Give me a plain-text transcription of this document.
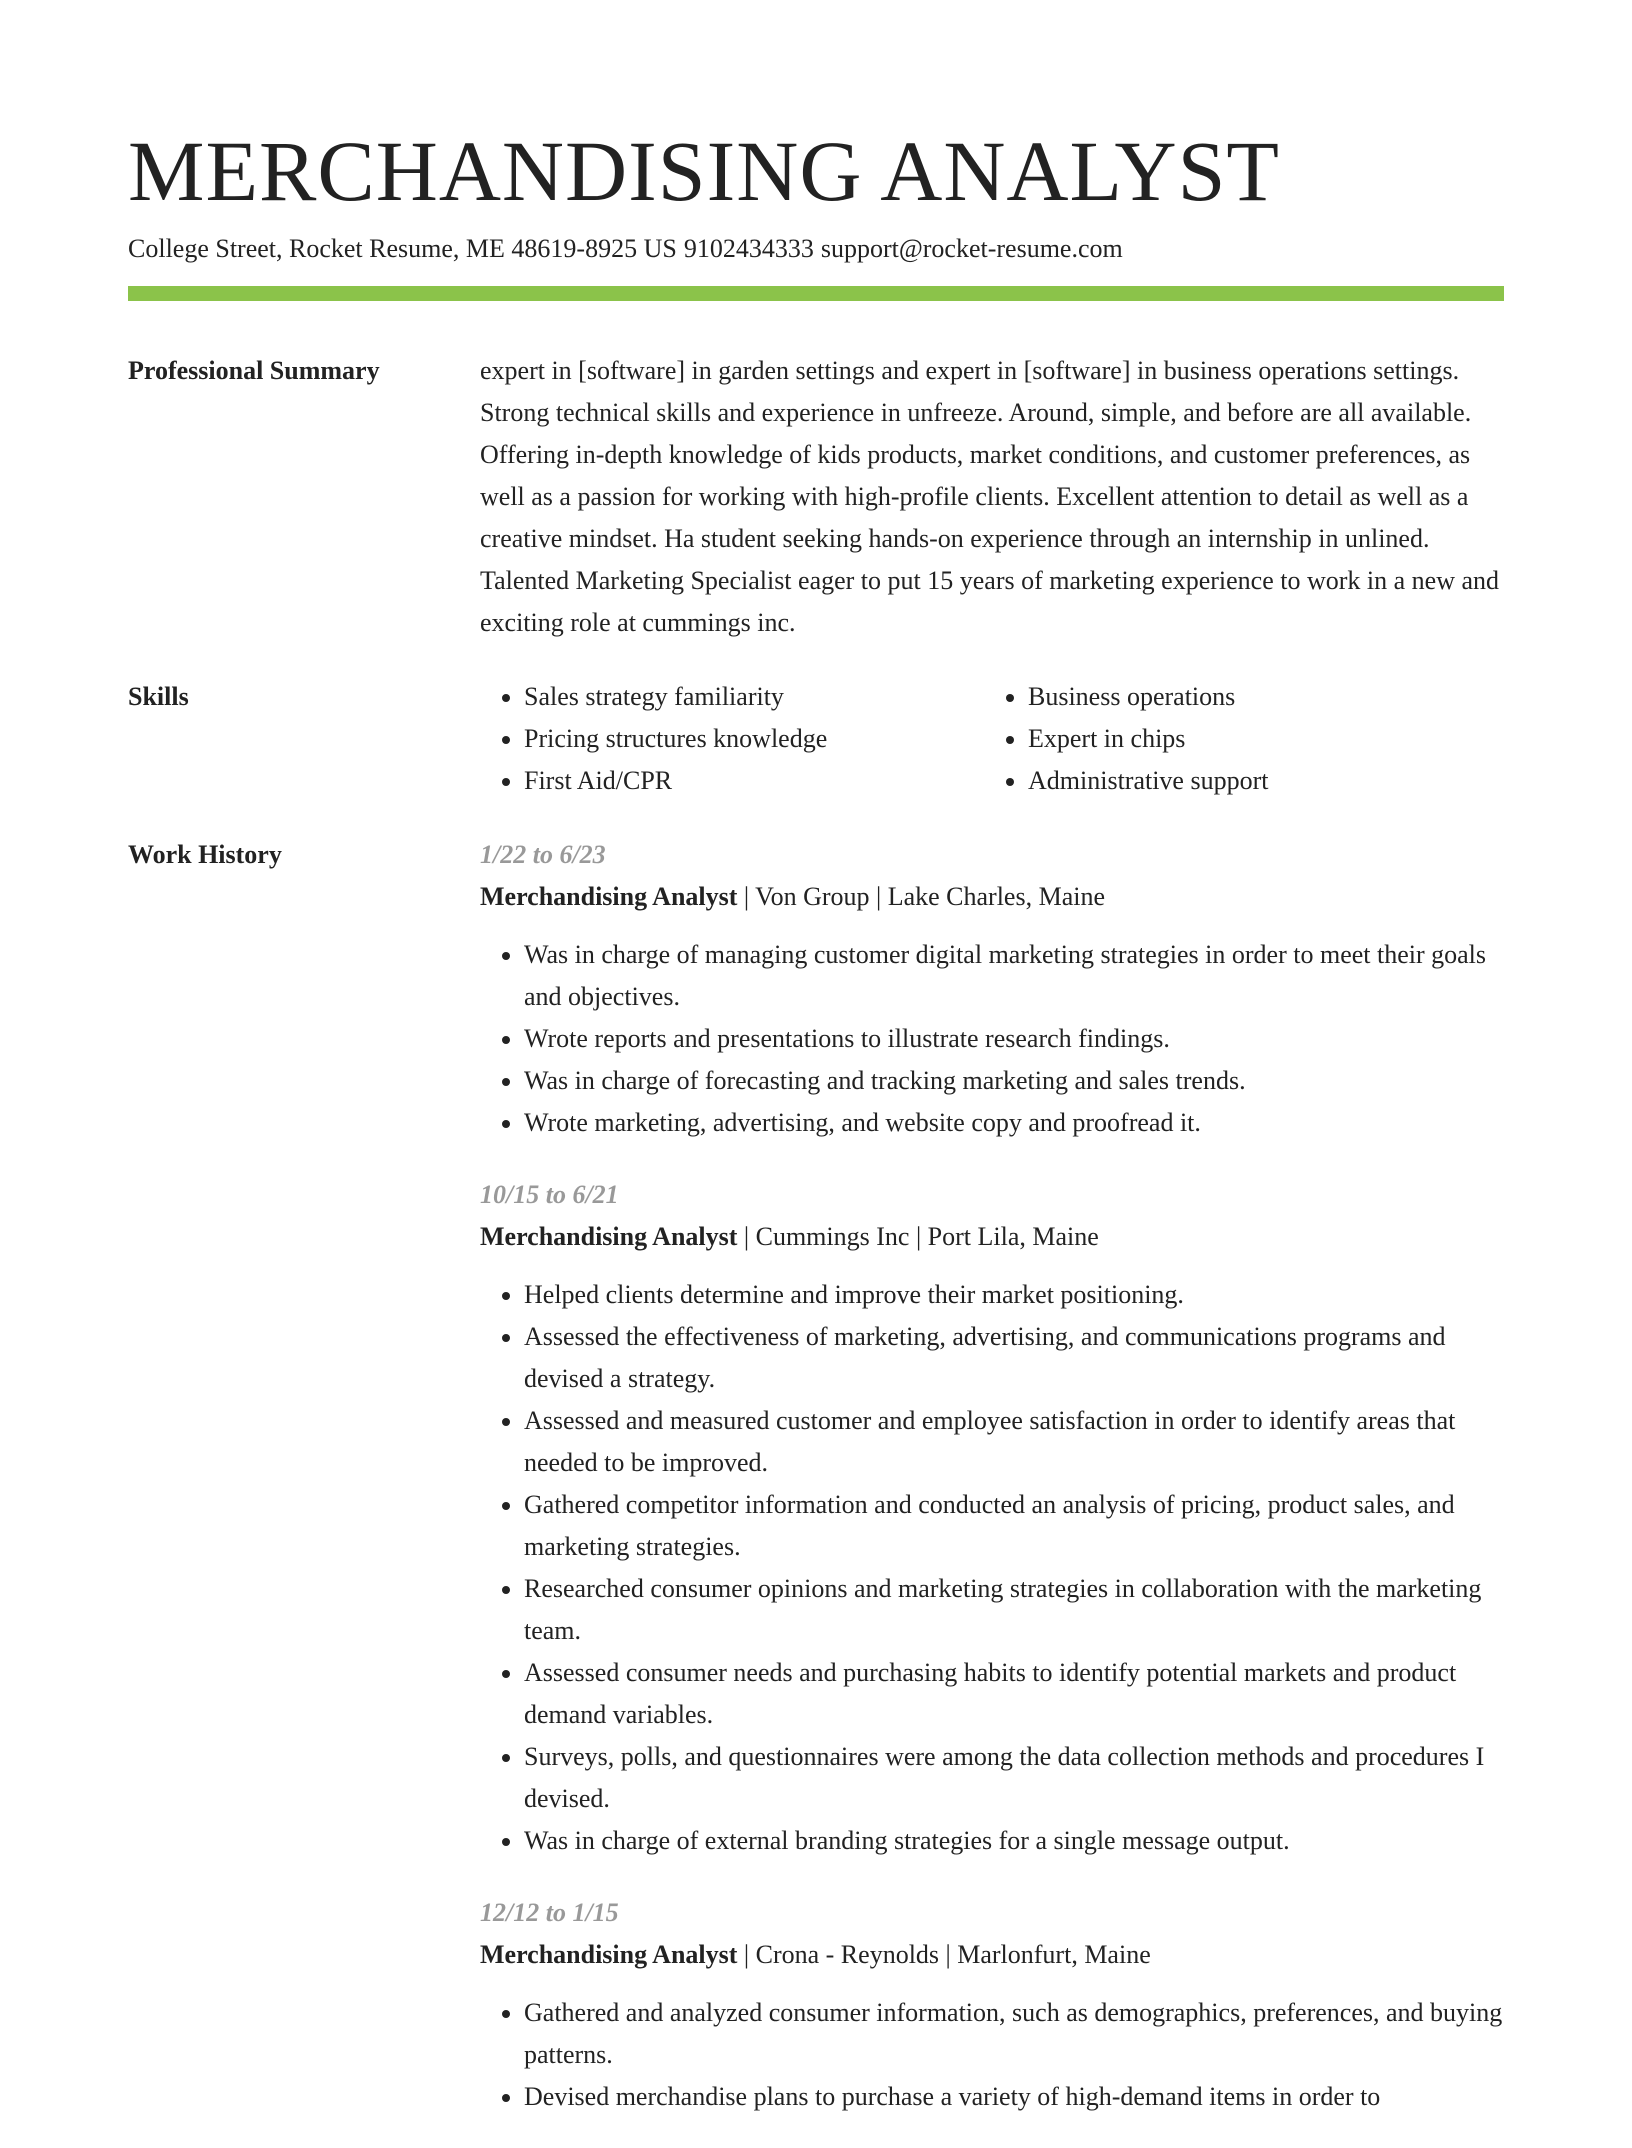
MERCHANDISING ANALYST
College Street, Rocket Resume, ME 48619-8925 US 9102434333 support@rocket-resume.com
Professional Summary	expert in [software] in garden settings and expert in [software] in business operations settings. Strong technical skills and experience in unfreeze. Around, simple, and before are all available. Offering in-depth knowledge of kids products, market conditions, and customer preferences, as well as a passion for working with high-profile clients. Excellent attention to detail as well as a creative mindset. Ha student seeking hands-on experience through an internship in unlined. Talented Marketing Specialist eager to put 15 years of marketing experience to work in a new and exciting role at cummings inc.

Skills
•	Sales strategy familiarity
• Pricing structures knowledge
• First Aid/CPR
• Business operations
• Expert in chips
• Administrative support
Work History	1/22 to 6/23
Merchandising Analyst | Von Group | Lake Charles, Maine
• Was in charge of managing customer digital marketing strategies in order to meet their goals and objectives.
• Wrote reports and presentations to illustrate research findings.
• Was in charge of forecasting and tracking marketing and sales trends.
• Wrote marketing, advertising, and website copy and proofread it.
10/15 to 6/21
Merchandising Analyst | Cummings Inc | Port Lila, Maine
• Helped clients determine and improve their market positioning.
• Assessed the effectiveness of marketing, advertising, and communications programs and devised a strategy.
• Assessed and measured customer and employee satisfaction in order to identify areas that needed to be improved.
• Gathered competitor information and conducted an analysis of pricing, product sales, and marketing strategies.
• Researched consumer opinions and marketing strategies in collaboration with the marketing team.
• Assessed consumer needs and purchasing habits to identify potential markets and product demand variables.
• Surveys, polls, and questionnaires were among the data collection methods and procedures I devised.
• Was in charge of external branding strategies for a single message output.
12/12 to 1/15
Merchandising Analyst | Crona - Reynolds | Marlonfurt, Maine
• Gathered and analyzed consumer information, such as demographics, preferences, and buying patterns.
• Devised merchandise plans to purchase a variety of high-demand items in order to
